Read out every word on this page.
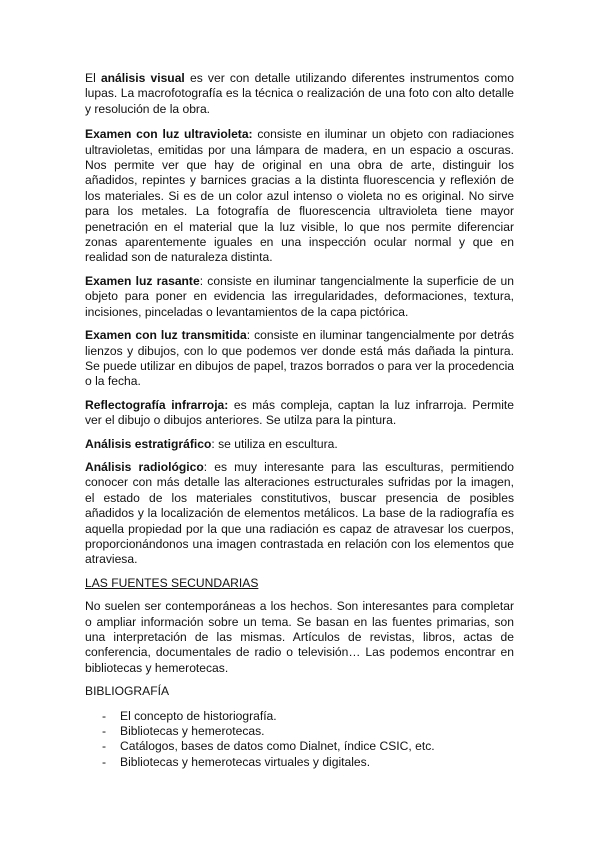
El análisis visual es ver con detalle utilizando diferentes instrumentos como lupas. La macrofotografía es la técnica o realización de una foto con alto detalle y resolución de la obra.

Examen con luz ultravioleta: consiste en iluminar un objeto con radiaciones ultravioletas, emitidas por una lámpara de madera, en un espacio a oscuras. Nos permite ver que hay de original en una obra de arte, distinguir los añadidos, repintes y barnices gracias a la distinta fluorescencia y reflexión de los materiales. Si es de un color azul intenso o violeta no es original. No sirve para los metales. La fotografía de fluorescencia ultravioleta tiene mayor penetración en el material que la luz visible, lo que nos permite diferenciar zonas aparentemente iguales en una inspección ocular normal y que en realidad son de naturaleza distinta.

Examen luz rasante: consiste en iluminar tangencialmente la superficie de un objeto para poner en evidencia las irregularidades, deformaciones, textura, incisiones, pinceladas o levantamientos de la capa pictórica.

Examen con luz transmitida: consiste en iluminar tangencialmente por detrás lienzos y dibujos, con lo que podemos ver donde está más dañada la pintura. Se puede utilizar en dibujos de papel, trazos borrados o para ver la procedencia o la fecha.

Reflectografía infrarroja: es más compleja, captan la luz infrarroja. Permite ver el dibujo o dibujos anteriores. Se utilza para la pintura.

Análisis estratigráfico: se utiliza en escultura.

Análisis radiológico: es muy interesante para las esculturas, permitiendo conocer con más detalle las alteraciones estructurales sufridas por la imagen, el estado de los materiales constitutivos, buscar presencia de posibles añadidos y la localización de elementos metálicos. La base de la radiografía es aquella propiedad por la que una radiación es capaz de atravesar los cuerpos, proporcionándonos una imagen contrastada en relación con los elementos que atraviesa.

LAS FUENTES SECUNDARIAS

No suelen ser contemporáneas a los hechos. Son interesantes para completar o ampliar información sobre un tema. Se basan en las fuentes primarias, son una interpretación de las mismas. Artículos de revistas, libros, actas de conferencia, documentales de radio o televisión… Las podemos encontrar en bibliotecas y hemerotecas.

BIBLIOGRAFÍA

- El concepto de historiografía.
- Bibliotecas y hemerotecas.
- Catálogos, bases de datos como Dialnet, índice CSIC, etc.
- Bibliotecas y hemerotecas virtuales y digitales.
